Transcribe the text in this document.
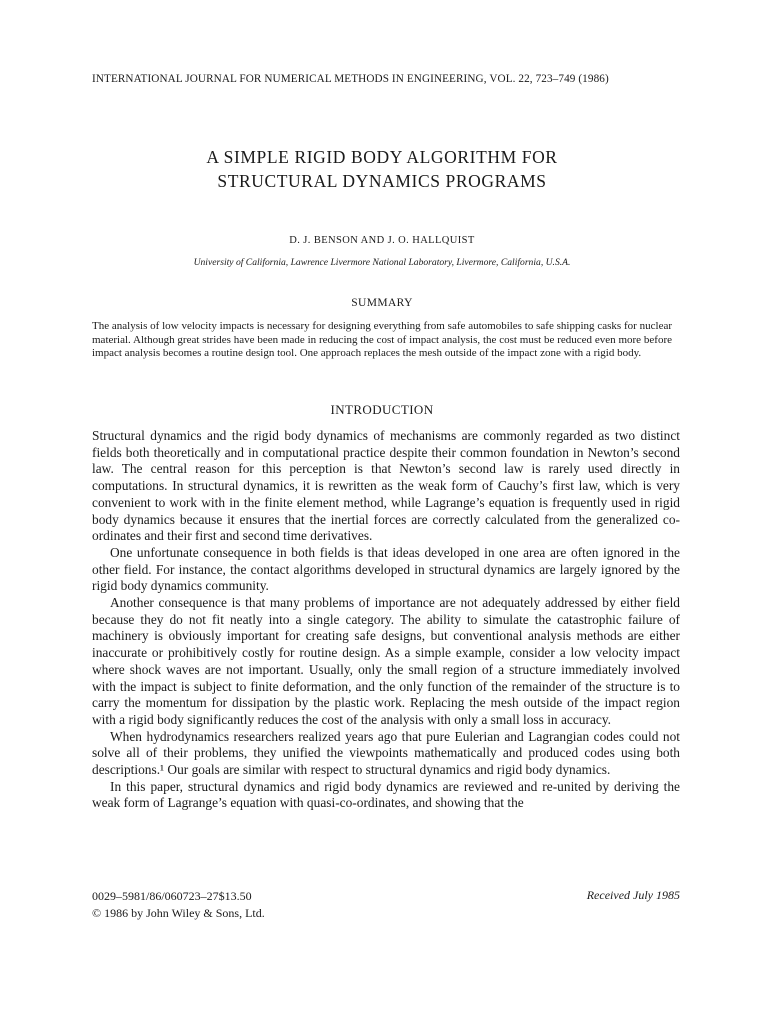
INTERNATIONAL JOURNAL FOR NUMERICAL METHODS IN ENGINEERING, VOL. 22, 723–749 (1986)
A SIMPLE RIGID BODY ALGORITHM FOR
STRUCTURAL DYNAMICS PROGRAMS
D. J. BENSON AND J. O. HALLQUIST
University of California, Lawrence Livermore National Laboratory, Livermore, California, U.S.A.
SUMMARY

The analysis of low velocity impacts is necessary for designing everything from safe automobiles to safe shipping casks for nuclear material. Although great strides have been made in reducing the cost of impact analysis, the cost must be reduced even more before impact analysis becomes a routine design tool. One approach replaces the mesh outside of the impact zone with a rigid body.

INTRODUCTION

Structural dynamics and the rigid body dynamics of mechanisms are commonly regarded as two distinct fields both theoretically and in computational practice despite their common foundation in Newton’s second law. The central reason for this perception is that Newton’s second law is rarely used directly in computations. In structural dynamics, it is rewritten as the weak form of Cauchy’s first law, which is very convenient to work with in the finite element method, while Lagrange’s equation is frequently used in rigid body dynamics because it ensures that the inertial forces are correctly calculated from the generalized co-ordinates and their first and second time derivatives.

One unfortunate consequence in both fields is that ideas developed in one area are often ignored in the other field. For instance, the contact algorithms developed in structural dynamics are largely ignored by the rigid body dynamics community.

Another consequence is that many problems of importance are not adequately addressed by either field because they do not fit neatly into a single category. The ability to simulate the catastrophic failure of machinery is obviously important for creating safe designs, but conventional analysis methods are either inaccurate or prohibitively costly for routine design. As a simple example, consider a low velocity impact where shock waves are not important. Usually, only the small region of a structure immediately involved with the impact is subject to finite deformation, and the only function of the remainder of the structure is to carry the momentum for dissipation by the plastic work. Replacing the mesh outside of the impact region with a rigid body significantly reduces the cost of the analysis with only a small loss in accuracy.

When hydrodynamics researchers realized years ago that pure Eulerian and Lagrangian codes could not solve all of their problems, they unified the viewpoints mathematically and produced codes using both descriptions.¹ Our goals are similar with respect to structural dynamics and rigid body dynamics.

In this paper, structural dynamics and rigid body dynamics are reviewed and re-united by deriving the weak form of Lagrange’s equation with quasi-co-ordinates, and showing that the

0029–5981/86/060723–27$13.50
© 1986 by John Wiley & Sons, Ltd.
Received July 1985
